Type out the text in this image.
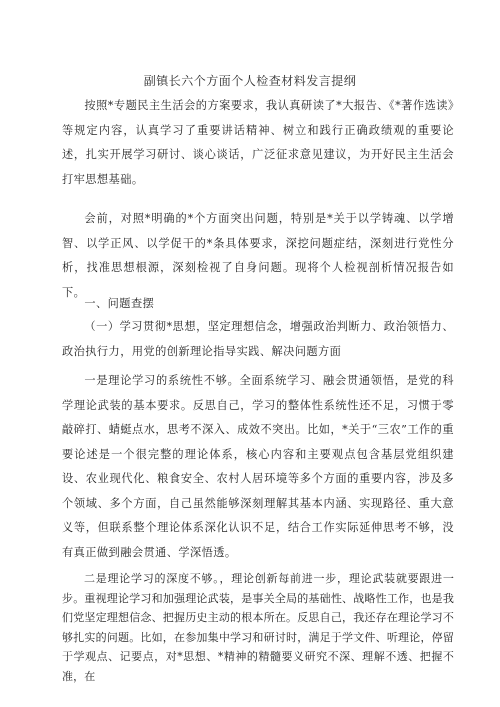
副镇长六个方面个人检查材料发言提纲

按照*专题民主生活会的方案要求，我认真研读了*大报告、《*著作选读》等规定内容，认真学习了重要讲话精神、树立和践行正确政绩观的重要论述，扎实开展学习研讨、谈心谈话，广泛征求意见建议，为开好民主生活会打牢思想基础。

会前，对照*明确的*个方面突出问题，特别是*关于以学铸魂、以学增智、以学正风、以学促干的*条具体要求，深挖问题症结，深刻进行党性分析，找准思想根源，深刻检视了自身问题。现将个人检视剖析情况报告如下。

一、问题查摆

（一）学习贯彻*思想，坚定理想信念，增强政治判断力、政治领悟力、政治执行力，用党的创新理论指导实践、解决问题方面

一是理论学习的系统性不够。全面系统学习、融会贯通领悟，是党的科学理论武装的基本要求。反思自己，学习的整体性系统性还不足，习惯于零敲碎打、蜻蜓点水，思考不深入、成效不突出。比如，*关于“三农”工作的重要论述是一个很完整的理论体系，核心内容和主要观点包含基层党组织建设、农业现代化、粮食安全、农村人居环境等多个方面的重要内容，涉及多个领域、多个方面，自己虽然能够深刻理解其基本内涵、实现路径、重大意义等，但联系整个理论体系深化认识不足，结合工作实际延伸思考不够，没有真正做到融会贯通、学深悟透。

二是理论学习的深度不够。，理论创新每前进一步，理论武装就要跟进一步。重视理论学习和加强理论武装，是事关全局的基础性、战略性工作，也是我们党坚定理想信念、把握历史主动的根本所在。反思自己，我还存在理论学习不够扎实的问题。比如，在参加集中学习和研讨时，满足于学文件、听理论，停留于学观点、记要点，对*思想、*精神的精髓要义研究不深、理解不透、把握不准，在
